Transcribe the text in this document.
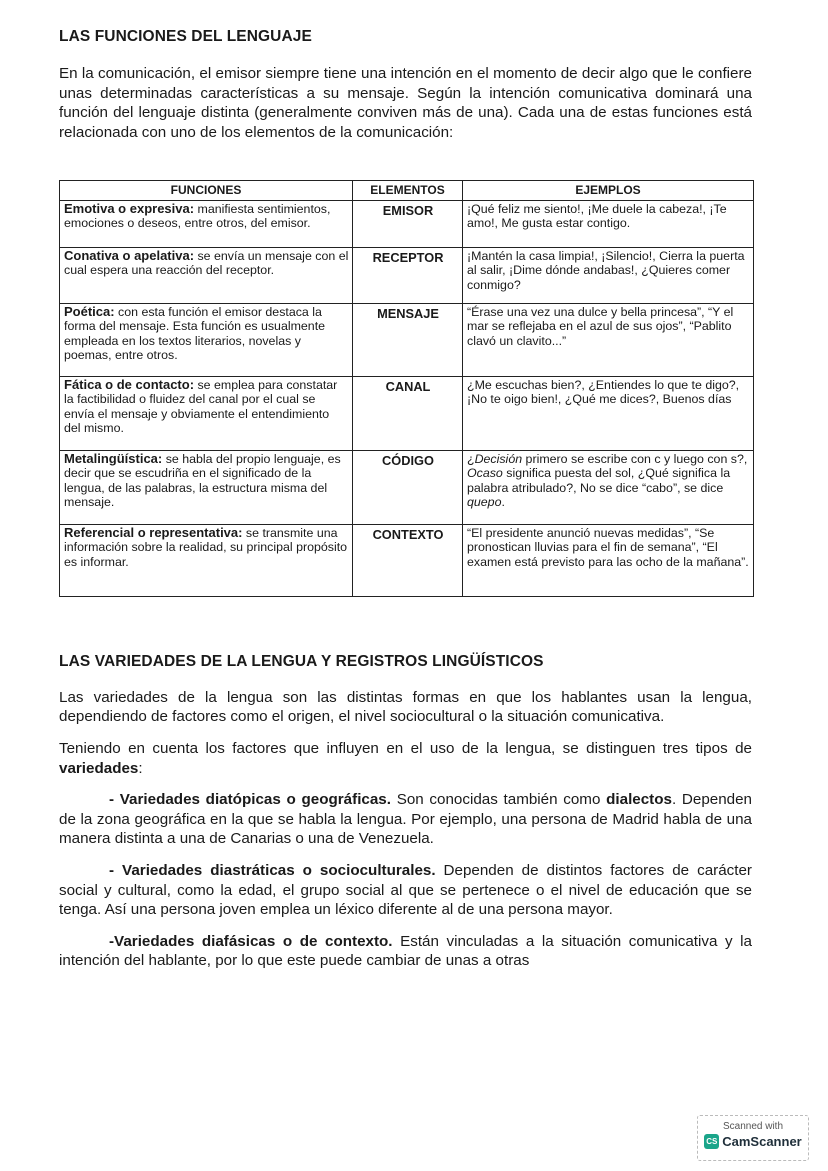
LAS FUNCIONES DEL LENGUAJE

En la comunicación, el emisor siempre tiene una intención en el momento de decir algo que le confiere unas determinadas características a su mensaje. Según la intención comunicativa dominará una función del lenguaje distinta (generalmente conviven más de una). Cada una de estas funciones está relacionada con uno de los elementos de la comunicación:

FUNCIONES	ELEMENTOS	EJEMPLOS
Emotiva o expresiva: manifiesta sentimientos, emociones o deseos, entre otros, del emisor.	EMISOR	¡Qué feliz me siento!, ¡Me duele la cabeza!, ¡Te amo!, Me gusta estar contigo.
Conativa o apelativa: se envía un mensaje con el cual espera una reacción del receptor.	RECEPTOR	¡Mantén la casa limpia!, ¡Silencio!, Cierra la puerta al salir, ¡Dime dónde andabas!, ¿Quieres comer conmigo?
Poética: con esta función el emisor destaca la forma del mensaje. Esta función es usualmente empleada en los textos literarios, novelas y poemas, entre otros.	MENSAJE	“Érase una vez una dulce y bella princesa”, “Y el mar se reflejaba en el azul de sus ojos”, “Pablito clavó un clavito...”
Fática o de contacto: se emplea para constatar la factibilidad o fluidez del canal por el cual se envía el mensaje y obviamente el entendimiento del mismo.	CANAL	¿Me escuchas bien?, ¿Entiendes lo que te digo?, ¡No te oigo bien!, ¿Qué me dices?, Buenos días
Metalingüística: se habla del propio lenguaje, es decir que se escudriña en el significado de la lengua, de las palabras, la estructura misma del mensaje.	CÓDIGO	¿Decisión primero se escribe con c y luego con s?, Ocaso significa puesta del sol, ¿Qué significa la palabra atribulado?, No se dice “cabo”, se dice quepo.
Referencial o representativa: se transmite una información sobre la realidad, su principal propósito es informar.	CONTEXTO	“El presidente anunció nuevas medidas”, “Se pronostican lluvias para el fin de semana”, “El examen está previsto para las ocho de la mañana”.
LAS VARIEDADES DE LA LENGUA Y REGISTROS LINGÜÍSTICOS

Las variedades de la lengua son las distintas formas en que los hablantes usan la lengua, dependiendo de factores como el origen, el nivel sociocultural o la situación comunicativa.

Teniendo en cuenta los factores que influyen en el uso de la lengua, se distinguen tres tipos de variedades:

- Variedades diatópicas o geográficas. Son conocidas también como dialectos. Dependen de la zona geográfica en la que se habla la lengua. Por ejemplo, una persona de Madrid habla de una manera distinta a una de Canarias o una de Venezuela.

- Variedades diastráticas o socioculturales. Dependen de distintos factores de carácter social y cultural, como la edad, el grupo social al que se pertenece o el nivel de educación que se tenga. Así una persona joven emplea un léxico diferente al de una persona mayor.

-Variedades diafásicas o de contexto. Están vinculadas a la situación comunicativa y la intención del hablante, por lo que este puede cambiar de unas a otras

Scanned with
CS CamScanner
